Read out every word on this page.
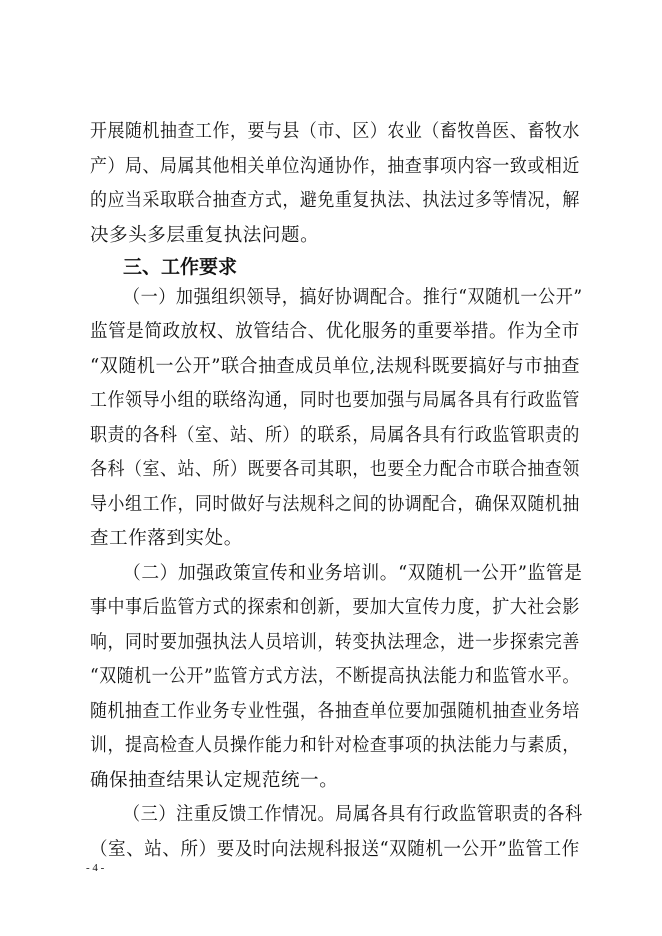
开展随机抽查工作，要与县（市、区）农业（畜牧兽医、畜牧水
产）局、局属其他相关单位沟通协作，抽查事项内容一致或相近
的应当采取联合抽查方式，避免重复执法、执法过多等情况，解
决多头多层重复执法问题。
三、工作要求
（一）加强组织领导，搞好协调配合。推行“双随机一公开”
监管是简政放权、放管结合、优化服务的重要举措。作为全市
“双随机一公开”联合抽查成员单位,法规科既要搞好与市抽查
工作领导小组的联络沟通，同时也要加强与局属各具有行政监管
职责的各科（室、站、所）的联系，局属各具有行政监管职责的
各科（室、站、所）既要各司其职，也要全力配合市联合抽查领
导小组工作，同时做好与法规科之间的协调配合，确保双随机抽
查工作落到实处。
（二）加强政策宣传和业务培训。“双随机一公开”监管是
事中事后监管方式的探索和创新，要加大宣传力度，扩大社会影
响，同时要加强执法人员培训，转变执法理念，进一步探索完善
“双随机一公开”监管方式方法，不断提高执法能力和监管水平。
随机抽查工作业务专业性强，各抽查单位要加强随机抽查业务培
训，提高检查人员操作能力和针对检查事项的执法能力与素质，
确保抽查结果认定规范统一。
（三）注重反馈工作情况。局属各具有行政监管职责的各科
（室、站、所）要及时向法规科报送“双随机一公开”监管工作
- 4 -
